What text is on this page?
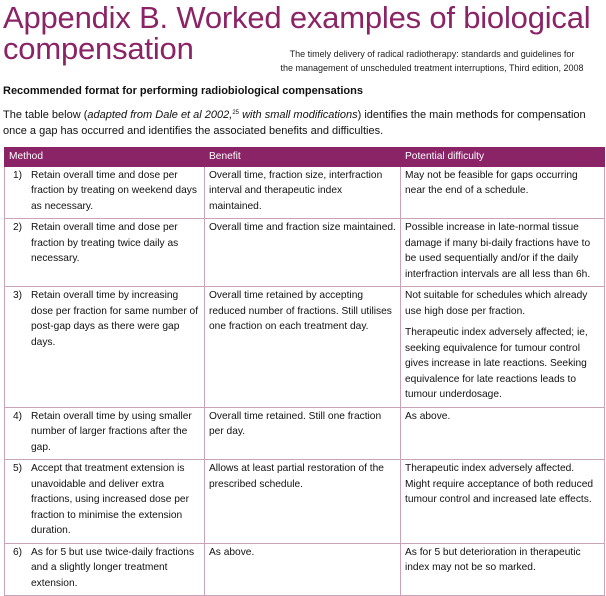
Appendix B. Worked examples of biological
compensation	The timely delivery of radical radiotherapy: standards and guidelines for
the management of unscheduled treatment interruptions, Third edition, 2008
Recommended format for performing radiobiological compensations
The table below (adapted from Dale et al 2002,25 with small modifications) identifies the main methods for compensation once a gap has occurred and identifies the associated benefits and difficulties.
Method	Benefit	Potential difficulty

1) Retain overall time and dose per fraction by treating on weekend days as necessary.	Overall time, fraction size, interfraction interval and therapeutic index maintained.	May not be feasible for gaps occurring near the end of a schedule.

2) Retain overall time and dose per fraction by treating twice daily as necessary.	Overall time and fraction size maintained.	Possible increase in late-normal tissue damage if many bi-daily fractions have to be used sequentially and/or if the daily interfraction intervals are all less than 6h.

3) Retain overall time by increasing dose per fraction for same number of post-gap days as there were gap days.	Overall time retained by accepting reduced number of fractions. Still utilises one fraction on each treatment day.	Not suitable for schedules which already use high dose per fraction.
Therapeutic index adversely affected; ie, seeking equivalence for tumour control gives increase in late reactions. Seeking equivalence for late reactions leads to tumour underdosage.

4) Retain overall time by using smaller number of larger fractions after the gap.	Overall time retained. Still one fraction per day.	As above.

5) Accept that treatment extension is unavoidable and deliver extra fractions, using increased dose per fraction to minimise the extension duration.	Allows at least partial restoration of the prescribed schedule.	Therapeutic index adversely affected. Might require acceptance of both reduced tumour control and increased late effects.

6) As for 5 but use twice-daily fractions and a slightly longer treatment extension.	As above.	As for 5 but deterioration in therapeutic index may not be so marked.
